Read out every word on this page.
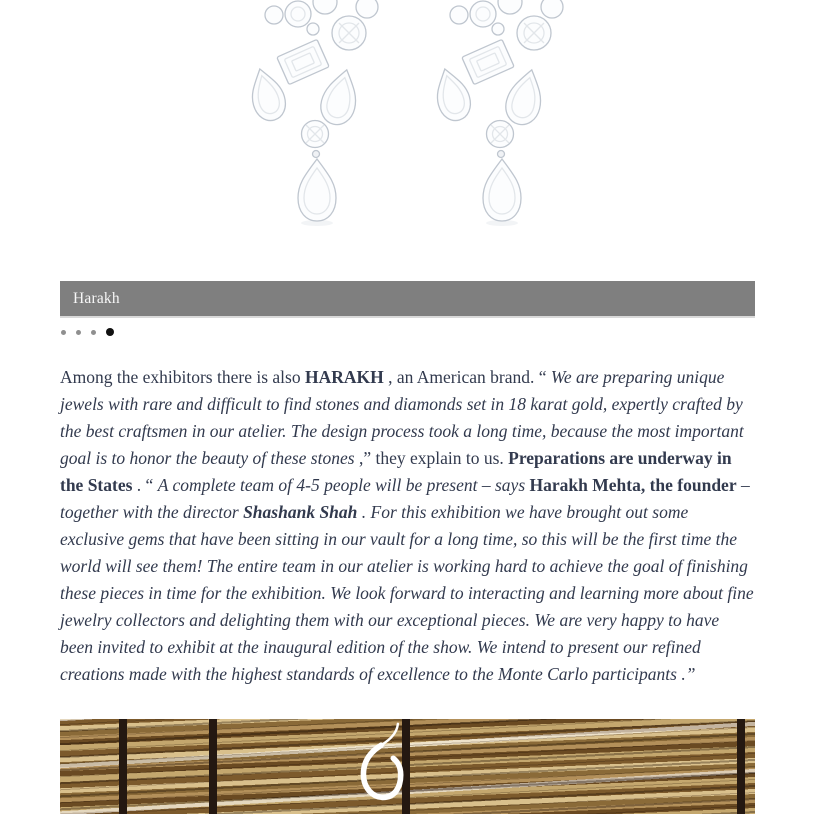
Harakh

Among the exhibitors there is also HARAKH , an American brand. “ We are preparing unique jewels with rare and difficult to find stones and diamonds set in 18 karat gold, expertly crafted by the best craftsmen in our atelier. The design process took a long time, because the most important goal is to honor the beauty of these stones ,” they explain to us. Preparations are underway in the States . “ A complete team of 4-5 people will be present – says Harakh Mehta, the founder – together with the director Shashank Shah . For this exhibition we have brought out some exclusive gems that have been sitting in our vault for a long time, so this will be the first time the world will see them! The entire team in our atelier is working hard to achieve the goal of finishing these pieces in time for the exhibition. We look forward to interacting and learning more about fine jewelry collectors and delighting them with our exceptional pieces. We are very happy to have been invited to exhibit at the inaugural edition of the show. We intend to present our refined creations made with the highest standards of excellence to the Monte Carlo participants .”
